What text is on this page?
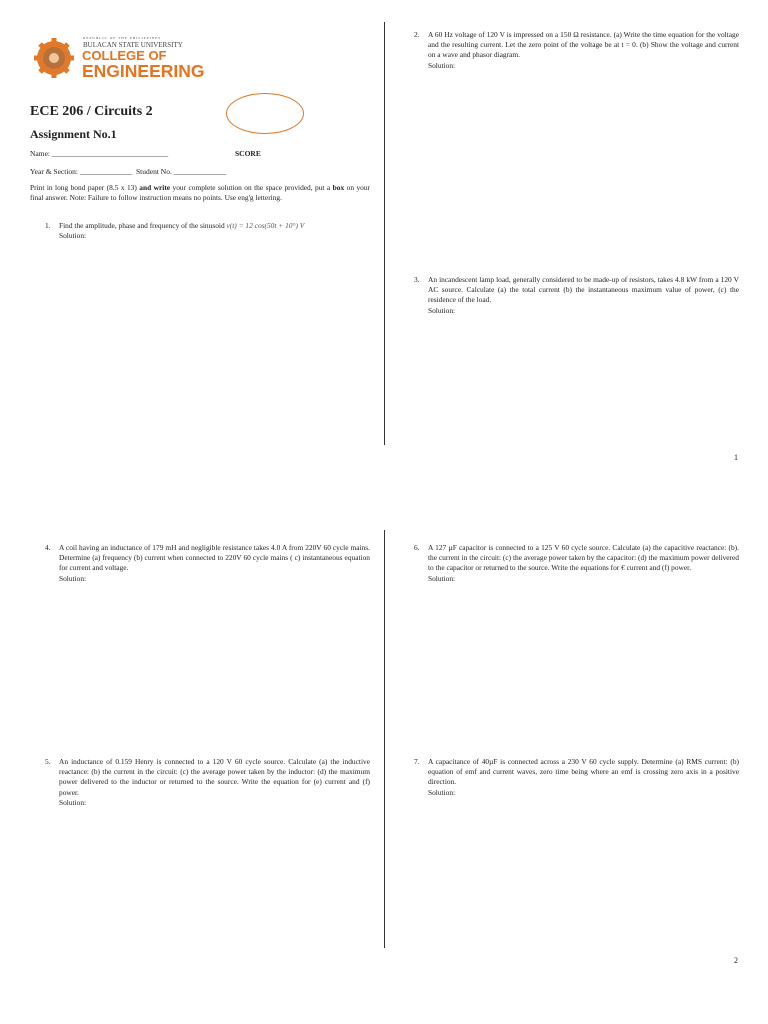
REPUBLIC OF THE PHILIPPINES
BULACAN STATE UNIVERSITY
COLLEGE OF
ENGINEERING
ECE 206 / Circuits 2
Assignment No.1
Name: _______________________________	SCORE
Year & Section: ______________ Student No. ______________
Print in long bond paper (8.5 x 13) and write your complete solution on the space provided, put a box on your final answer. Note: Failure to follow instruction means no points. Use eng'g lettering.
1. Find the amplitude, phase and frequency of the sinusoid v(t) = 12 cos(50t + 10°) V
Solution:
2. A 60 Hz voltage of 120 V is impressed on a 150 Ω resistance. (a) Write the time equation for the voltage and the resulting current. Let the zero point of the voltage be at t = 0. (b) Show the voltage and current on a wave and phasor diagram.
Solution:
3. An incandescent lamp load, generally considered to be made-up of resistors, takes 4.8 kW from a 120 V AC source. Calculate (a) the total current (b) the instantaneous maximum value of power, (c) the residence of the load.
Solution:
1
4. A coil having an inductance of 179 mH and negligible resistance takes 4.0 A from 220V 60 cycle mains. Determine (a) frequency (b) current when connected to 220V 60 cycle mains ( c) instantaneous equation for current and voltage.
Solution:
5. An inductance of 0.159 Henry is connected to a 120 V 60 cycle source. Calculate (a) the inductive reactance: (b) the current in the circuit: (c) the average power taken by the inductor: (d) the maximum power delivered to the inductor or returned to the source. Write the equation for (e) current and (f) power.
Solution:
6. A 127 µF capacitor is connected to a 125 V 60 cycle source. Calculate (a) the capacitive reactance: (b). the current in the circuit: (c) the average power taken by the capacitor: (d) the maximum power delivered to the capacitor or returned to the source. Write the equations for € current and (f) power.
Solution:
7. A capacitance of 40µF is connected across a 230 V 60 cycle supply. Determine (a) RMS current: (b) equation of emf and current waves, zero time being where an emf is crossing zero axis in a positive direction.
Solution:
2
